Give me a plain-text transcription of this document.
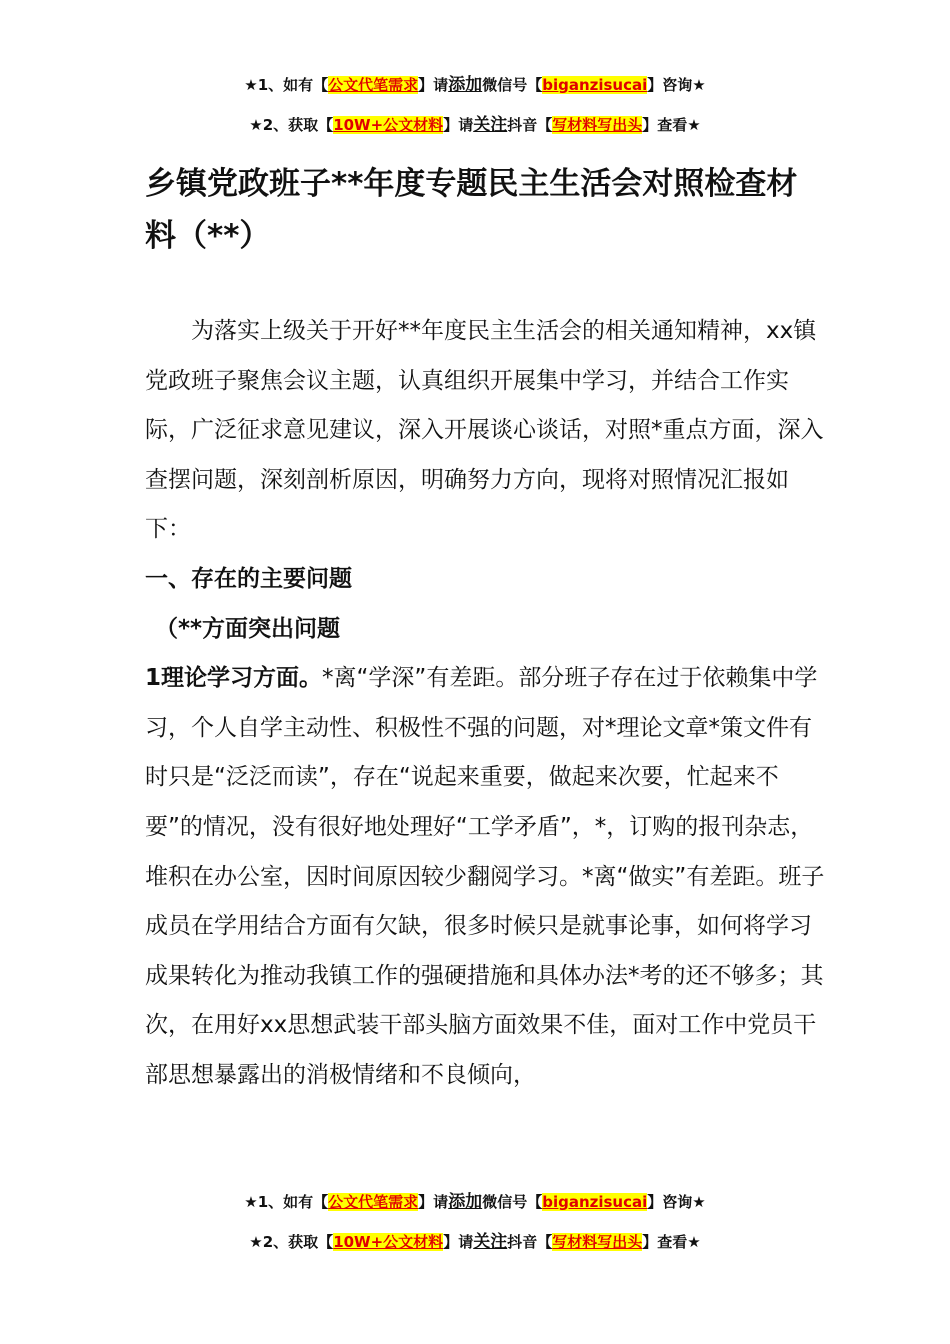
★1、如有【公文代笔需求】请添加微信号【biganzisucai】咨询★
★2、获取【10W+公文材料】请关注抖音【写材料写出头】查看★
乡镇党政班子**年度专题民主生活会对照检查材料（**）

为落实上级关于开好**年度民主生活会的相关通知精神，xx镇党政班子聚焦会议主题，认真组织开展集中学习，并结合工作实际，广泛征求意见建议，深入开展谈心谈话，对照*重点方面，深入查摆问题，深刻剖析原因，明确努力方向，现将对照情况汇报如下：

一、存在的主要问题

（**方面突出问题

1理论学习方面。*离“学深”有差距。部分班子存在过于依赖集中学习，个人自学主动性、积极性不强的问题，对*理论文章*策文件有时只是“泛泛而读”，存在“说起来重要，做起来次要，忙起来不要”的情况，没有很好地处理好“工学矛盾”，*，订购的报刊杂志，堆积在办公室，因时间原因较少翻阅学习。*离“做实”有差距。班子成员在学用结合方面有欠缺，很多时候只是就事论事，如何将学习成果转化为推动我镇工作的强硬措施和具体办法*考的还不够多；其次，在用好xx思想武装干部头脑方面效果不佳，面对工作中党员干部思想暴露出的消极情绪和不良倾向，

★1、如有【公文代笔需求】请添加微信号【biganzisucai】咨询★
★2、获取【10W+公文材料】请关注抖音【写材料写出头】查看★
